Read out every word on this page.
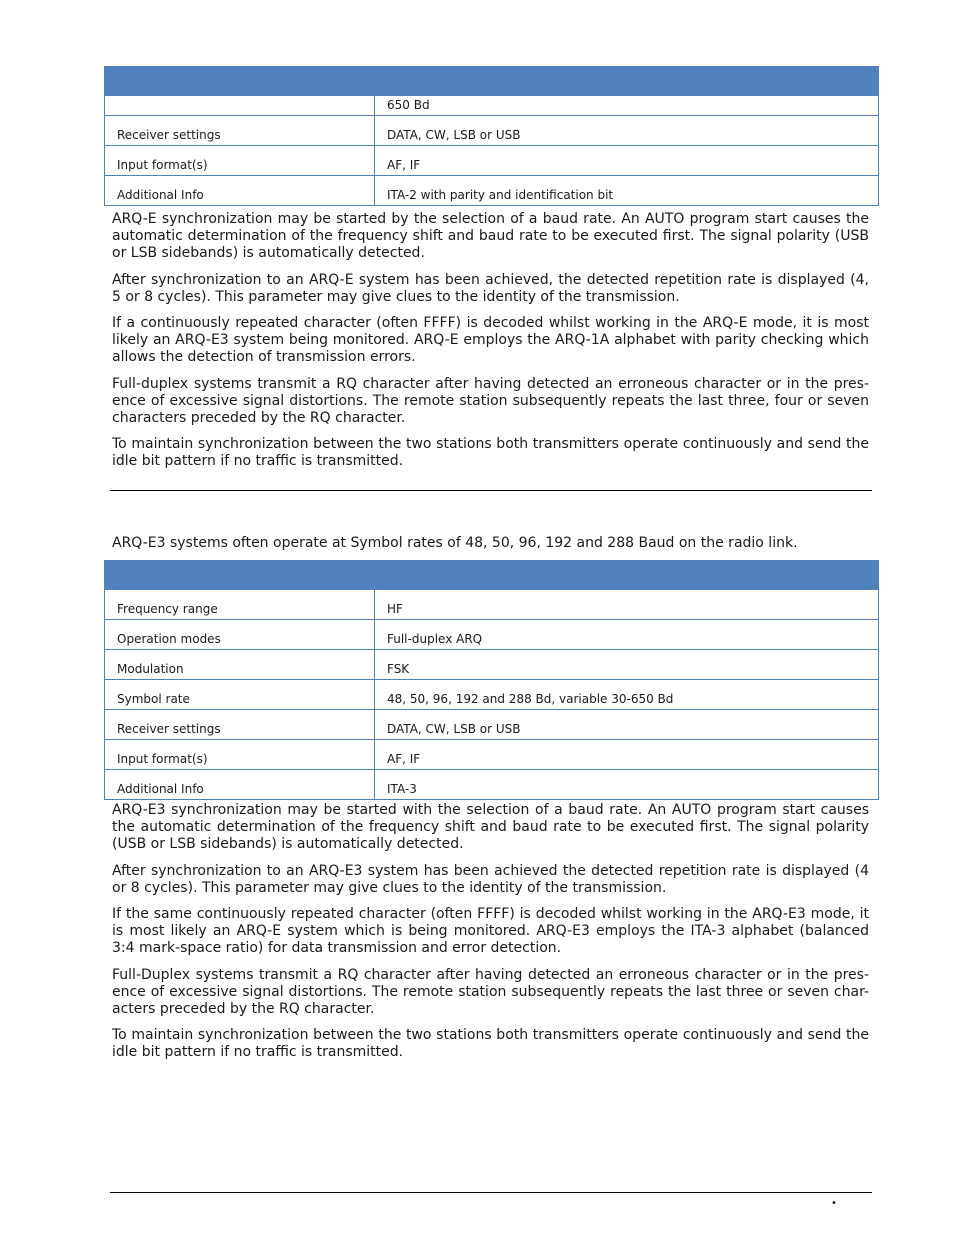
	650 Bd
Receiver settings	DATA, CW, LSB or USB
Input format(s)	AF, IF
Additional Info	ITA-2 with parity and identification bit

ARQ-E synchronization may be started by the selection of a baud rate. An AUTO program start causes the automatic determination of the frequency shift and baud rate to be executed first. The signal polarity (USB or LSB sidebands) is automatically detected.

After synchronization to an ARQ-E system has been achieved, the detected repetition rate is displayed (4, 5 or 8 cycles). This parameter may give clues to the identity of the transmission.

If a continuously repeated character (often FFFF) is decoded whilst working in the ARQ-E mode, it is most likely an ARQ-E3 system being monitored. ARQ-E employs the ARQ-1A alphabet with parity checking which allows the detection of transmission errors.

Full-duplex systems transmit a RQ character after having detected an erroneous character or in the pres-ence of excessive signal distortions. The remote station subsequently repeats the last three, four or seven characters preceded by the RQ character.

To maintain synchronization between the two stations both transmitters operate continuously and send the idle bit pattern if no traffic is transmitted.

ARQ-E3 systems often operate at Symbol rates of 48, 50, 96, 192 and 288 Baud on the radio link.

Frequency range	HF
Operation modes	Full-duplex ARQ
Modulation	FSK
Symbol rate	48, 50, 96, 192 and 288 Bd, variable 30-650 Bd
Receiver settings	DATA, CW, LSB or USB
Input format(s)	AF, IF
Additional Info	ITA-3

ARQ-E3 synchronization may be started with the selection of a baud rate. An AUTO program start causes the automatic determination of the frequency shift and baud rate to be executed first. The signal polarity (USB or LSB sidebands) is automatically detected.

After synchronization to an ARQ-E3 system has been achieved the detected repetition rate is displayed (4 or 8 cycles). This parameter may give clues to the identity of the transmission.

If the same continuously repeated character (often FFFF) is decoded whilst working in the ARQ-E3 mode, it is most likely an ARQ-E system which is being monitored. ARQ-E3 employs the ITA-3 alphabet (balanced 3:4 mark-space ratio) for data transmission and error detection.

Full-Duplex systems transmit a RQ character after having detected an erroneous character or in the pres-ence of excessive signal distortions. The remote station subsequently repeats the last three or seven char-acters preceded by the RQ character.

To maintain synchronization between the two stations both transmitters operate continuously and send the idle bit pattern if no traffic is transmitted.

•
